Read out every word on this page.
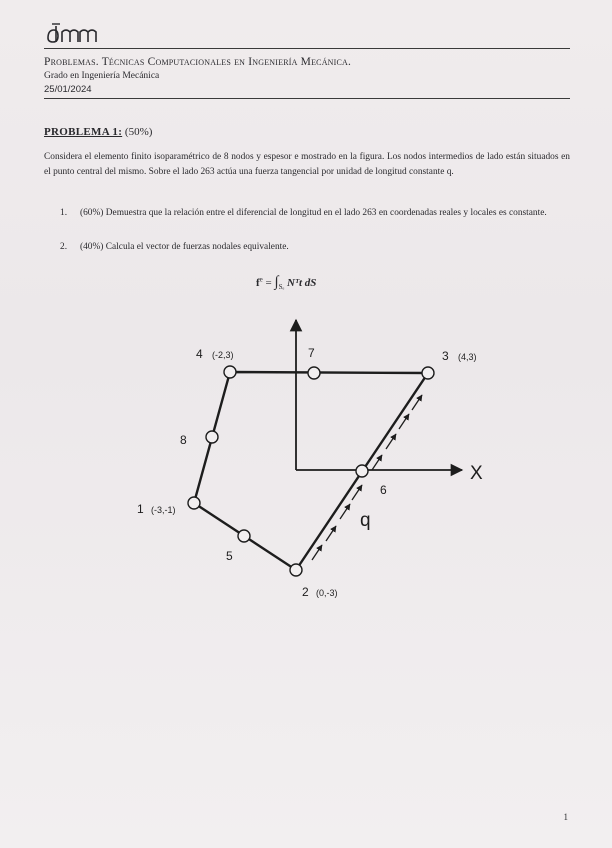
Problemas. Técnicas Computacionales en Ingeniería Mecánica.
Grado en Ingeniería Mecánica
25/01/2024
PROBLEMA 1: (50%)
Considera el elemento finito isoparamétrico de 8 nodos y espesor e mostrado en la figura. Los nodos intermedios de lado están situados en el punto central del mismo. Sobre el lado 263 actúa una fuerza tangencial por unidad de longitud constante q.
1. (60%) Demuestra que la relación entre el diferencial de longitud en el lado 263 en coordenadas reales y locales es constante.
2. (40%) Calcula el vector de fuerzas nodales equivalente.
$f^e = \int_{S_e}$ Nᵀt dS
X
q
1 (-3,-1)
2 (0,-3)
3 (4,3)
4 (-2,3)
5
6
7
8
1
